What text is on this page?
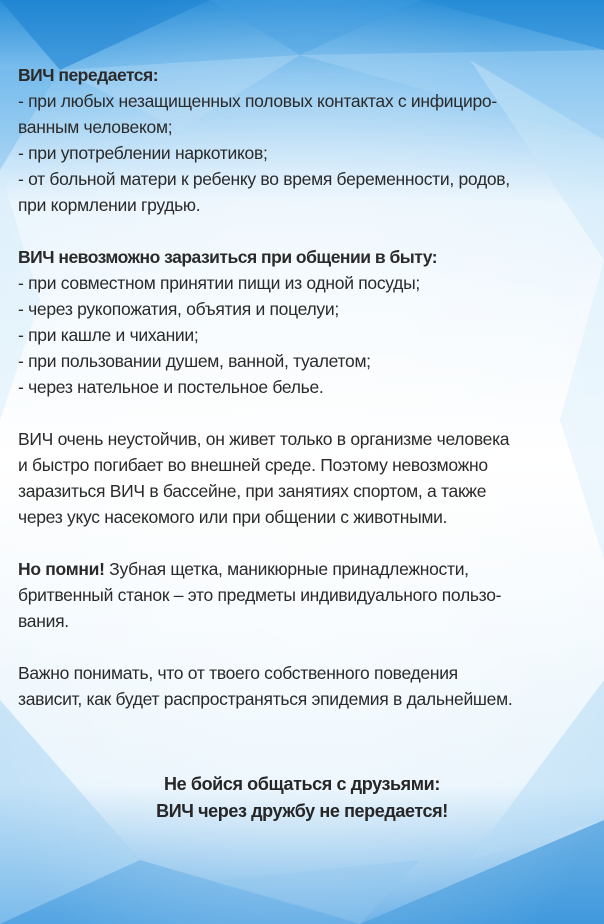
ВИЧ передается:
- при любых незащищенных половых контактах с инфициро-
ванным человеком;
- при употреблении наркотиков;
- от больной матери к ребенку во время беременности, родов,
при кормлении грудью.
ВИЧ невозможно заразиться при общении в быту:
- при совместном принятии пищи из одной посуды;
- через рукопожатия, объятия и поцелуи;
- при кашле и чихании;
- при пользовании душем, ванной, туалетом;
- через нательное и постельное белье.
ВИЧ очень неустойчив, он живет только в организме человека
и быстро погибает во внешней среде. Поэтому невозможно
заразиться ВИЧ в бассейне, при занятиях спортом, а также
через укус насекомого или при общении с животными.
Но помни! Зубная щетка, маникюрные принадлежности,
бритвенный станок – это предметы индивидуального пользо-
вания.
Важно понимать, что от твоего собственного поведения
зависит, как будет распространяться эпидемия в дальнейшем.
Не бойся общаться с друзьями:
ВИЧ через дружбу не передается!
